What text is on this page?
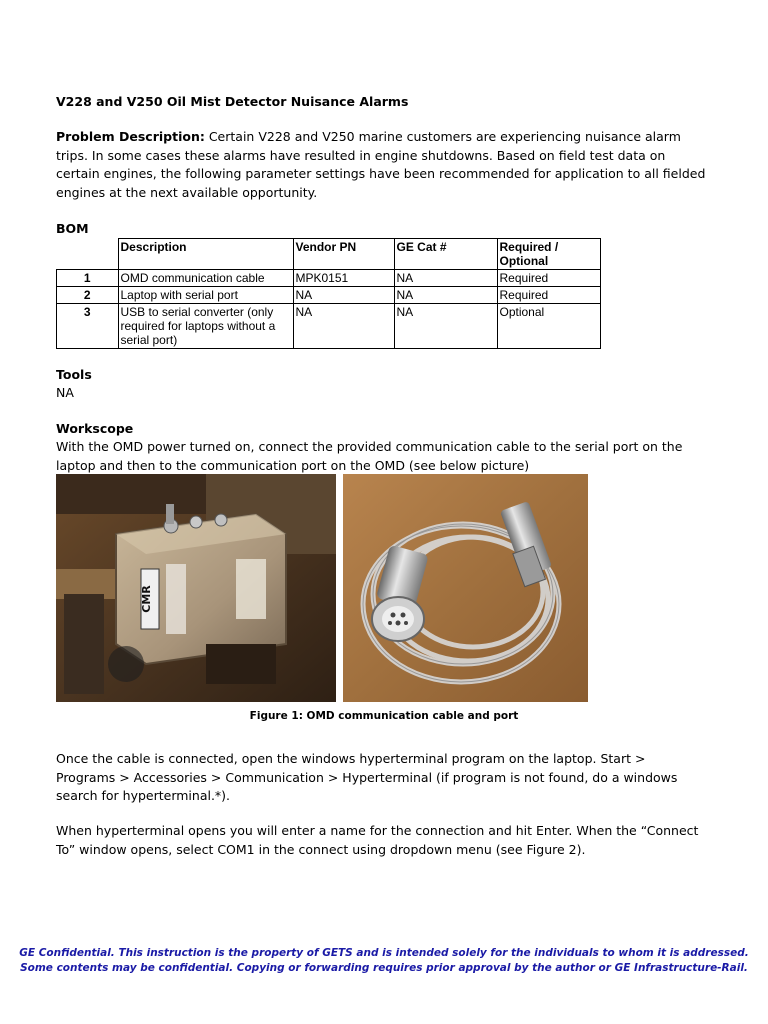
V228 and V250 Oil Mist Detector Nuisance Alarms
Problem Description: Certain V228 and V250 marine customers are experiencing nuisance alarm trips. In some cases these alarms have resulted in engine shutdowns. Based on field test data on certain engines, the following parameter settings have been recommended for application to all fielded engines at the next available opportunity.
BOM
	Description	Vendor PN	GE Cat #	Required / Optional
1	OMD communication cable	MPK0151	NA	Required
2	Laptop with serial port	NA	NA	Required
3	USB to serial converter (only required for laptops without a serial port)	NA	NA	Optional
Tools
NA
Workscope
With the OMD power turned on, connect the provided communication cable to the serial port on the laptop and then to the communication port on the OMD (see below picture)
CMR
Figure 1: OMD communication cable and port
Once the cable is connected, open the windows hyperterminal program on the laptop. Start > Programs > Accessories > Communication > Hyperterminal (if program is not found, do a windows search for hyperterminal.*).
When hyperterminal opens you will enter a name for the connection and hit Enter. When the “Connect To” window opens, select COM1 in the connect using dropdown menu (see Figure 2).
GE Confidential. This instruction is the property of GETS and is intended solely for the individuals to whom it is addressed.
Some contents may be confidential. Copying or forwarding requires prior approval by the author or GE Infrastructure-Rail.
